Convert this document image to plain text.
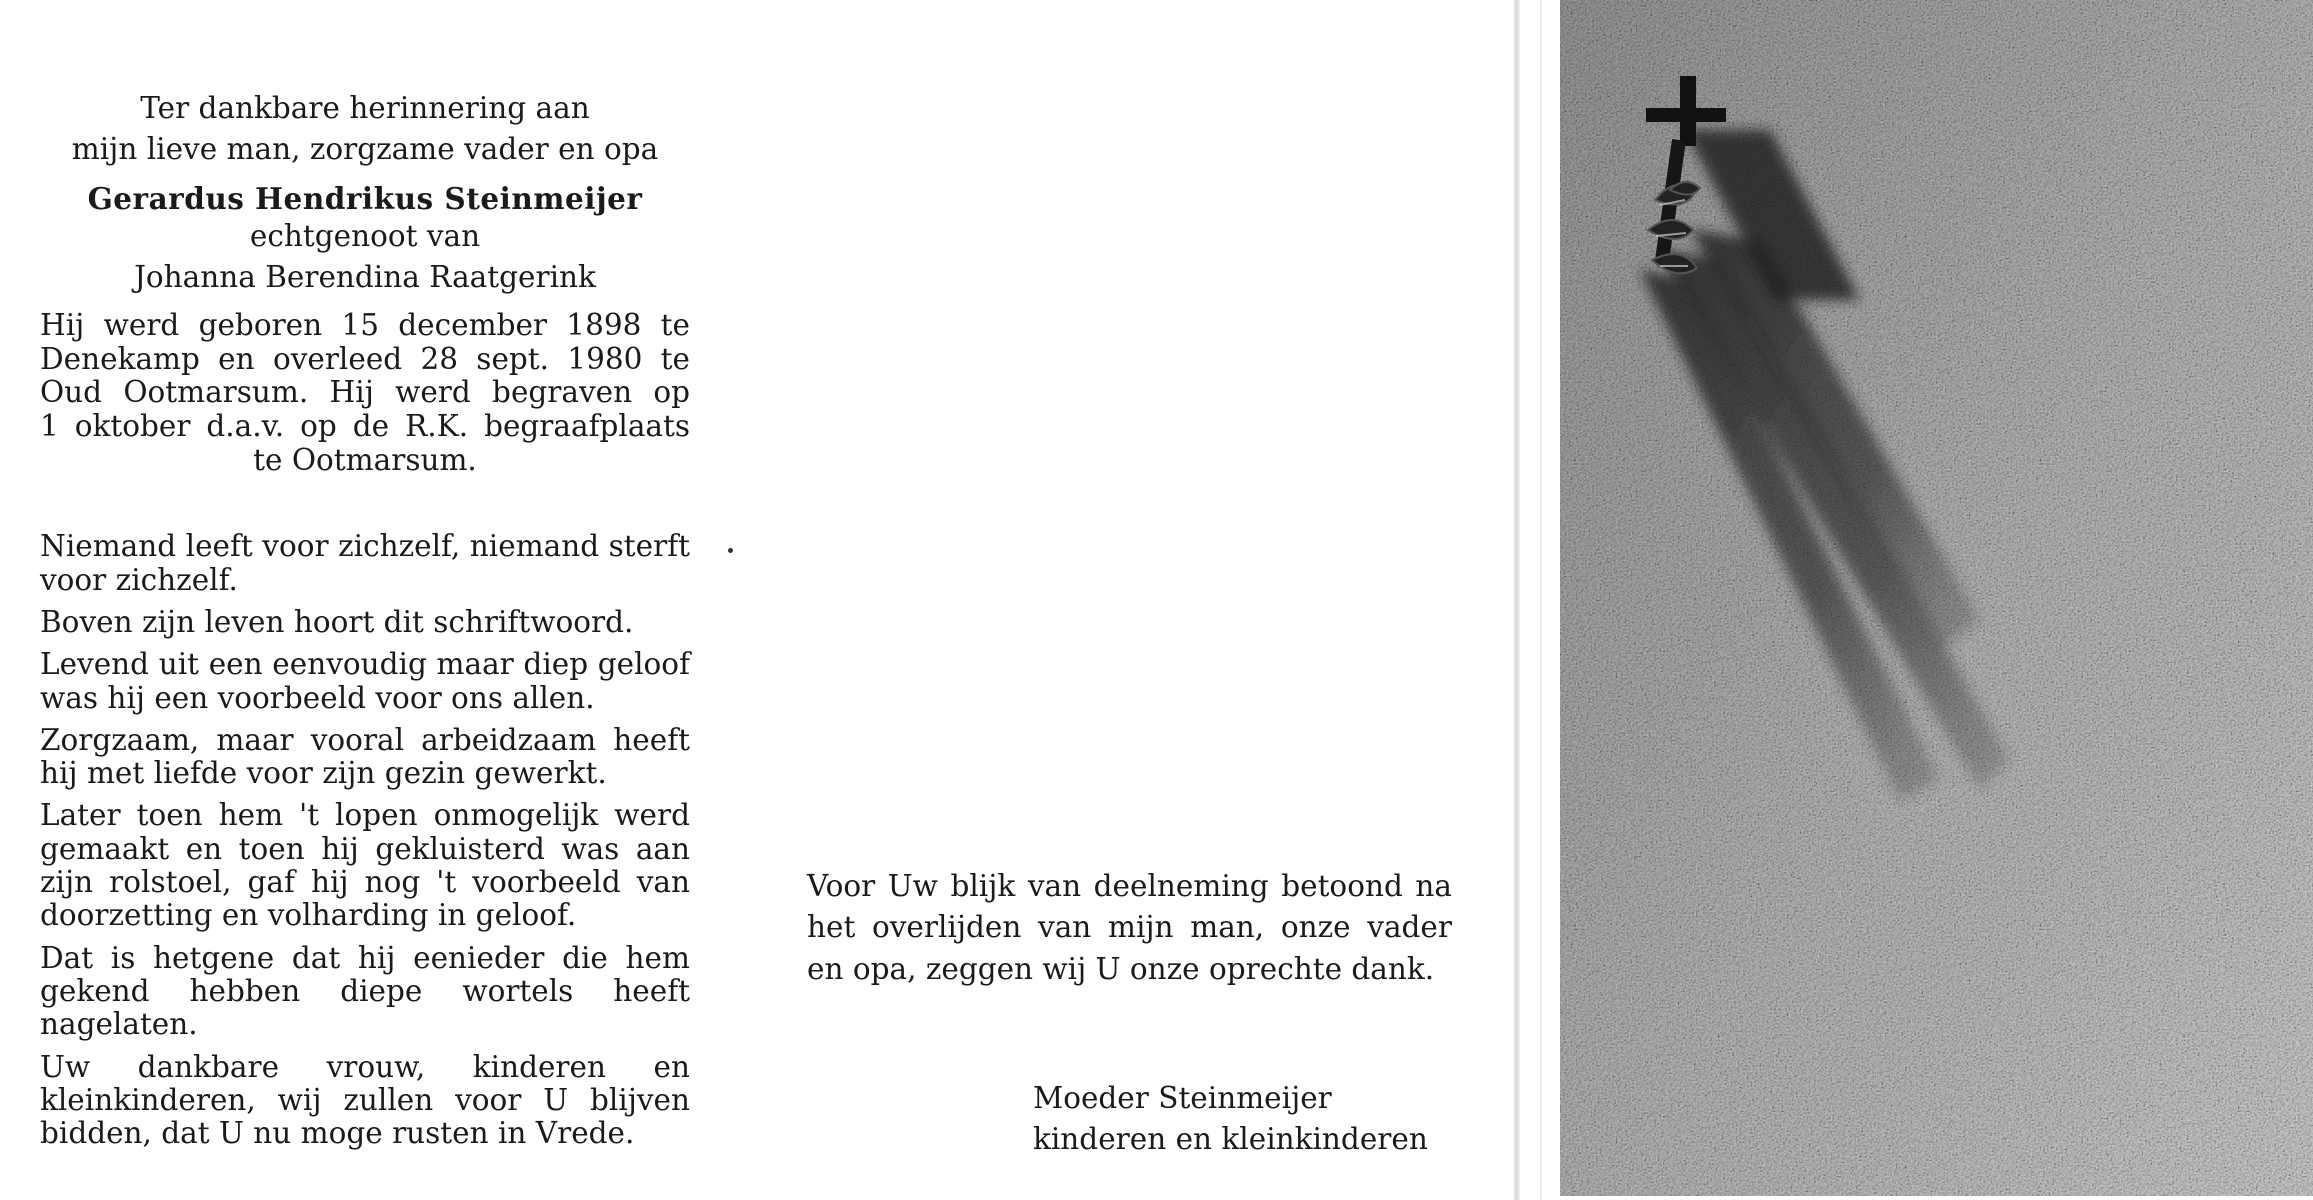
Ter dankbare herinnering aan
mijn lieve man, zorgzame vader en opa
Gerardus Hendrikus Steinmeijer
echtgenoot van
Johanna Berendina Raatgerink
Hij werd geboren 15 december 1898 te
Denekamp en overleed 28 sept. 1980 te
Oud Ootmarsum. Hij werd begraven op
1 oktober d.a.v. op de R.K. begraafplaats
te Ootmarsum.

Niemand leeft voor zichzelf, niemand sterft voor zichzelf.

Boven zijn leven hoort dit schriftwoord.

Levend uit een eenvoudig maar diep geloof was hij een voorbeeld voor ons allen.

Zorgzaam, maar vooral arbeidzaam heeft hij met liefde voor zijn gezin gewerkt.

Later toen hem 't lopen onmogelijk werd gemaakt en toen hij gekluisterd was aan zijn rolstoel, gaf hij nog 't voorbeeld van doorzetting en volharding in geloof.

Dat is hetgene dat hij eenieder die hem gekend hebben diepe wortels heeft nagelaten.

Uw dankbare vrouw, kinderen en kleinkinderen, wij zullen voor U blijven bidden, dat U nu moge rusten in Vrede.

Voor Uw blijk van deelneming betoond na het overlijden van mijn man, onze vader en opa, zeggen wij U onze oprechte dank.
Moeder Steinmeijer
kinderen en kleinkinderen
